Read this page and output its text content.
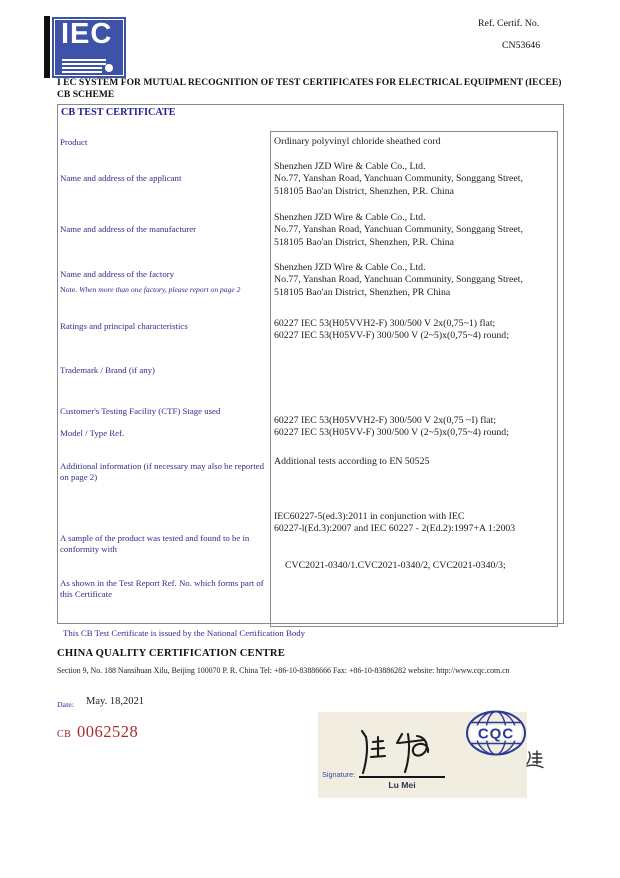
IEC	Ref. Certif. No.
CN53646
I EC SYSTEM FOR MUTUAL RECOGNITION OF TEST CERTIFICATES FOR ELECTRICAL EQUIPMENT (IECEE) CB SCHEME
CB TEST CERTIFICATE
Product
Name and address of the applicant
Name and address of the manufacturer
Name and address of the factory
Note. When more than one factory, please report on page 2
Ratings and principal characteristics
Trademark / Brand (if any)
Customer's Testing Facility (CTF) Stage used
Model / Type Ref.
Additional information (if necessary may also be reported on page 2)
A sample of the product was tested and found to be in conformity with
As shown in the Test Report Ref. No. which forms part of this Certificate
Ordinary polyvinyl chloride sheathed cord
Shenzhen JZD Wire & Cable Co., Ltd.
No.77, Yanshan Road, Yanchuan Community, Songgang Street,
518105 Bao'an District, Shenzhen, P.R. China
Shenzhen JZD Wire & Cable Co., Ltd.
No.77, Yanshan Road, Yanchuan Community, Songgang Street,
518105 Bao'an District, Shenzhen, P.R. China
Shenzhen JZD Wire & Cable Co., Ltd.
No.77, Yanshan Road, Yanchuan Community, Songgang Street,
518105 Bao'an District, Shenzhen, PR China
60227 IEC 53(H05VVH2-F) 300/500 V 2x(0,75~1) flat;
60227 IEC 53(H05VV-F) 300/500 V (2~5)x(0,75~4) round;
60227 IEC 53(H05VVH2-F) 300/500 V 2x(0,75 ~I) flat;
60227 IEC 53(H05VV-F) 300/500 V (2~5)x(0,75~4) round;
Additional tests according to EN 50525
IEC60227-5(ed.3):2011 in conjunction with IEC
60227-l(Ed.3):2007 and IEC 60227 - 2(Ed.2):1997+A 1:2003
CVC2021-0340/1.CVC2021-0340/2, CVC2021-0340/3;
This CB Test Certificate is issued by the National Certification Body
CHINA QUALITY CERTIFICATION CENTRE
Section 9, No. 188 Nansihuan Xilu, Beijing 100070 P. R. China Tel: +86-10-83886666 Fax: +86-10-83886282 website: http://www.cqc.com.cn
Date: May. 18,2021
CB 0062528
Signature:
Lu Mei
CQC
